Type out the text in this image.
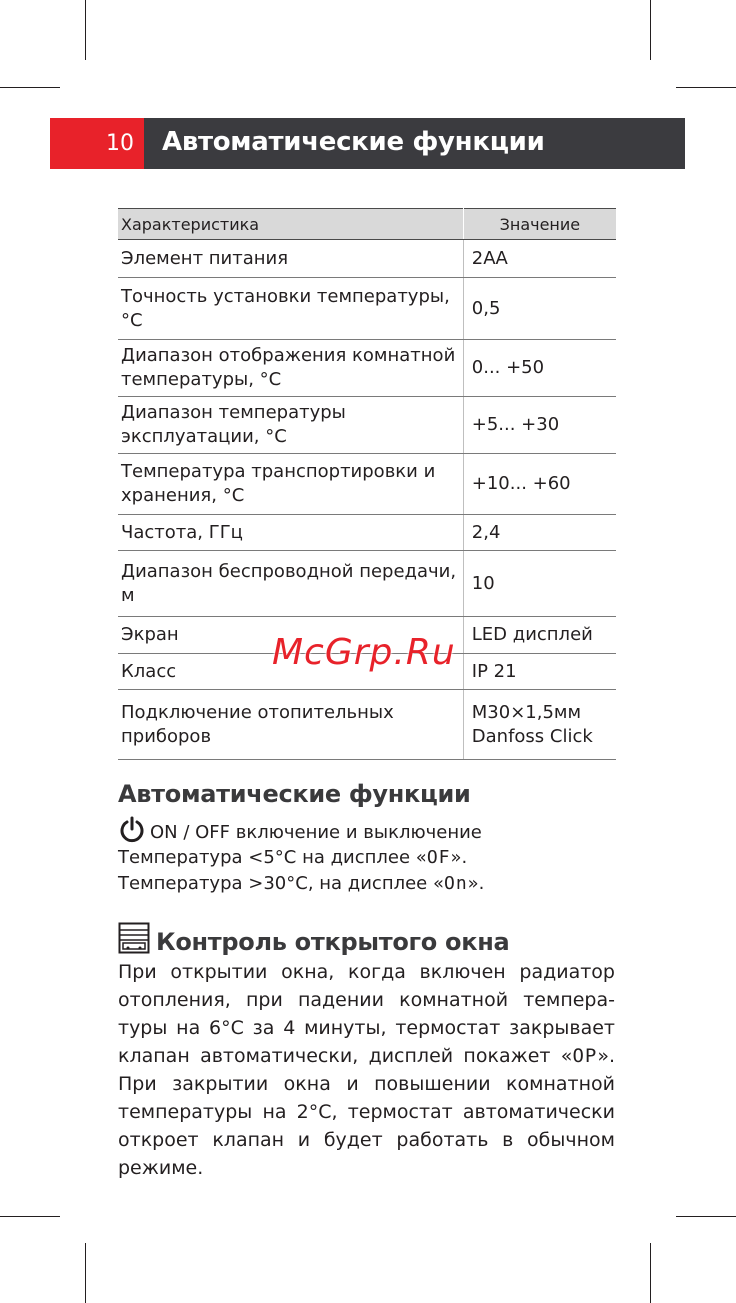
10	Автоматические функции
Характеристика	Значение
Элемент питания	2АА
Точность установки температуры, °С	0,5
Диапазон отображения комнатной температуры, °С	0... +50
Диапазон температуры эксплуатации, °С	+5... +30
Температура транспортировки и хранения, °С	+10... +60
Частота, ГГц	2,4
Диапазон беспроводной передачи, м	10
Экран	LED дисплей
Класс	IP 21
Подключение отопительных приборов	M30×1,5мм Danfoss Click
McGrp.Ru
Автоматические функции
ON / OFF включение и выключение
Температура <5°С на дисплее «OF».
Температура >30°С, на дисплее «On».
Контроль открытого окна
При открытии окна, когда включен радиатор отопления, при падении комнатной темпера-туры на 6°С за 4 минуты, термостат закрывает клапан автоматически, дисплей покажет «OP». При закрытии окна и повышении комнатной температуры на 2°С, термостат автоматически откроет клапан и будет работать в обычном режиме.
